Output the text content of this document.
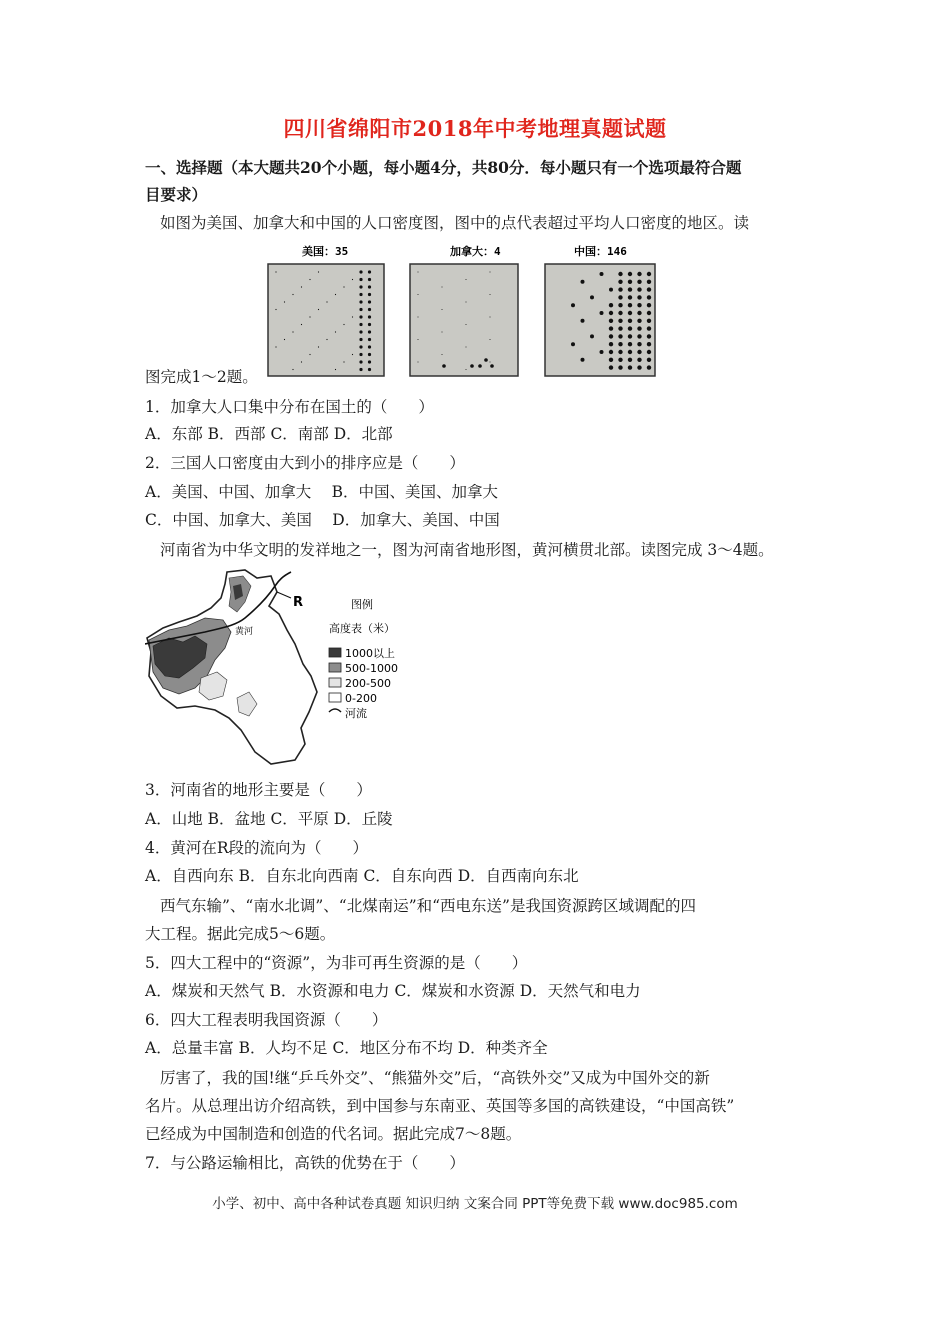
四川省绵阳市2018年中考地理真题试题
一、选择题（本大题共20个小题，每小题4分，共80分．每小题只有一个选项最符合题
目要求）
如图为美国、加拿大和中国的人口密度图，图中的点代表超过平均人口密度的地区。读
美国：35	加拿大：4	中国：146
图完成1～2题。
1．加拿大人口集中分布在国土的（　　）
A．东部 B．西部 C．南部 D．北部
2．三国人口密度由大到小的排序应是（　　）
A．美国、中国、加拿大　 B．中国、美国、加拿大
C．中国、加拿大、美国　 D．加拿大、美国、中国
河南省为中华文明的发祥地之一，图为河南省地形图，黄河横贯北部。读图完成 3～4题。
黄河
R	图例
高度表（米）
1000以上
500-1000
200-500
0-200
河流
3．河南省的地形主要是（　　）
A．山地 B．盆地 C．平原 D．丘陵
4．黄河在R段的流向为（　　）
A．自西向东 B．自东北向西南 C．自东向西 D．自西南向东北
西气东输”、“南水北调”、“北煤南运”和“西电东送”是我国资源跨区域调配的四
大工程。据此完成5～6题。
5．四大工程中的“资源”，为非可再生资源的是（　　）
A．煤炭和天然气 B．水资源和电力 C．煤炭和水资源 D．天然气和电力
6．四大工程表明我国资源（　　）
A．总量丰富 B．人均不足 C．地区分布不均 D．种类齐全
厉害了，我的国!继“乒乓外交”、“熊猫外交”后，“高铁外交”又成为中国外交的新
名片。从总理出访介绍高铁，到中国参与东南亚、英国等多国的高铁建设，“中国高铁”
已经成为中国制造和创造的代名词。据此完成7～8题。
7．与公路运输相比，高铁的优势在于（　　）
小学、初中、高中各种试卷真题 知识归纳 文案合同 PPT等免费下载 www.doc985.com
